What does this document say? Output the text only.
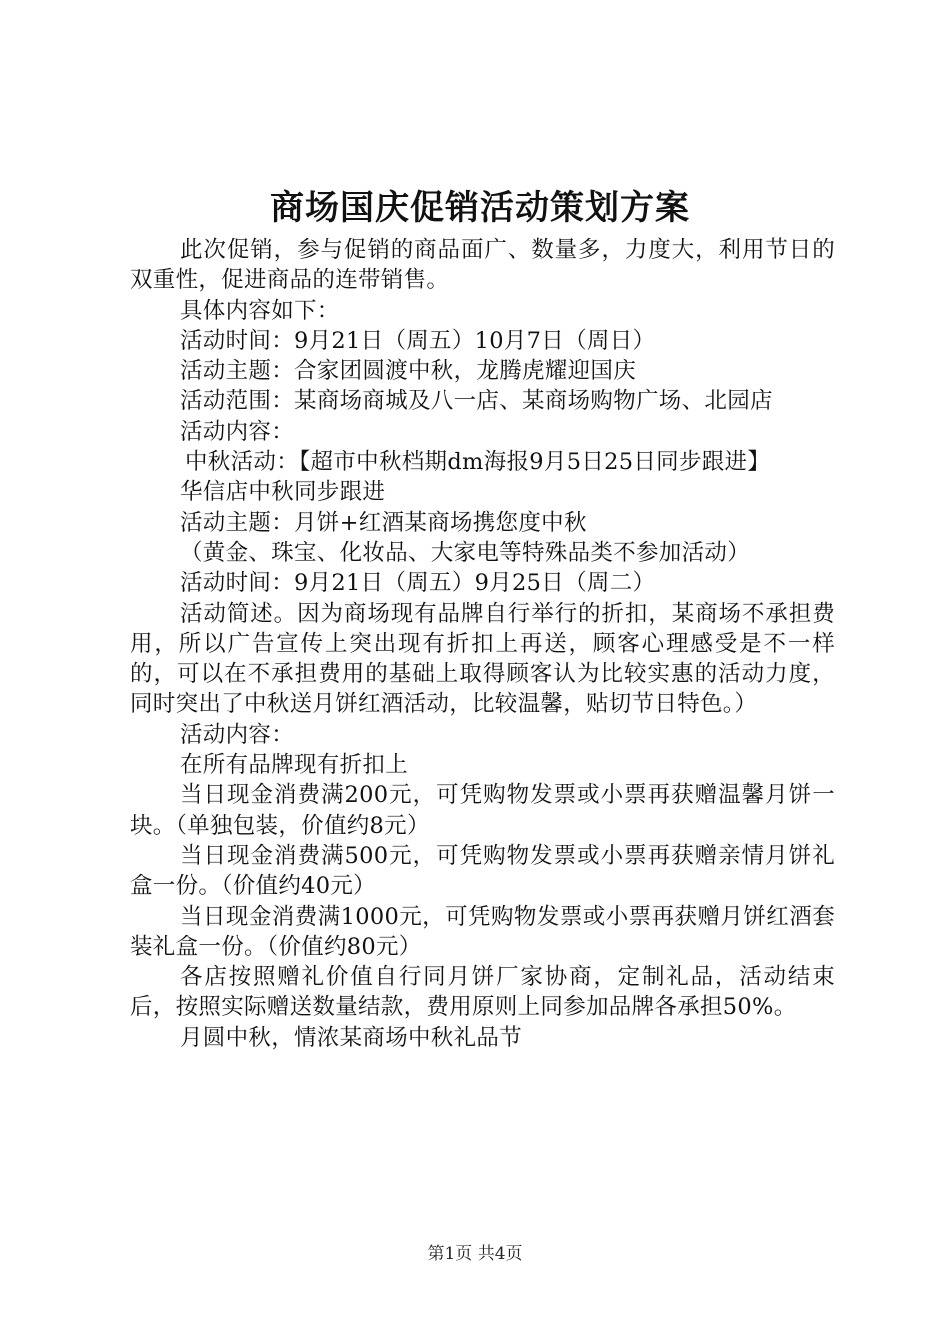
商场国庆促销活动策划方案

此次促销，参与促销的商品面广、数量多，力度大，利用节日的双重性，促进商品的连带销售。

具体内容如下：

活动时间：9月21日（周五）10月7日（周日）

活动主题：合家团圆渡中秋，龙腾虎耀迎国庆

活动范围：某商场商城及八一店、某商场购物广场、北园店

活动内容：

中秋活动：【超市中秋档期dm海报9月5日25日同步跟进】

华信店中秋同步跟进

活动主题：月饼+红酒某商场携您度中秋

（黄金、珠宝、化妆品、大家电等特殊品类不参加活动）

活动时间：9月21日（周五）9月25日（周二）

活动简述。因为商场现有品牌自行举行的折扣，某商场不承担费用，所以广告宣传上突出现有折扣上再送，顾客心理感受是不一样的，可以在不承担费用的基础上取得顾客认为比较实惠的活动力度，同时突出了中秋送月饼红酒活动，比较温馨，贴切节日特色。）

活动内容：

在所有品牌现有折扣上

当日现金消费满200元，可凭购物发票或小票再获赠温馨月饼一块。（单独包装，价值约8元）

当日现金消费满500元，可凭购物发票或小票再获赠亲情月饼礼盒一份。（价值约40元）

当日现金消费满1000元，可凭购物发票或小票再获赠月饼红酒套装礼盒一份。（价值约80元）

各店按照赠礼价值自行同月饼厂家协商，定制礼品，活动结束后，按照实际赠送数量结款，费用原则上同参加品牌各承担50%。

月圆中秋，情浓某商场中秋礼品节

第1页 共4页
